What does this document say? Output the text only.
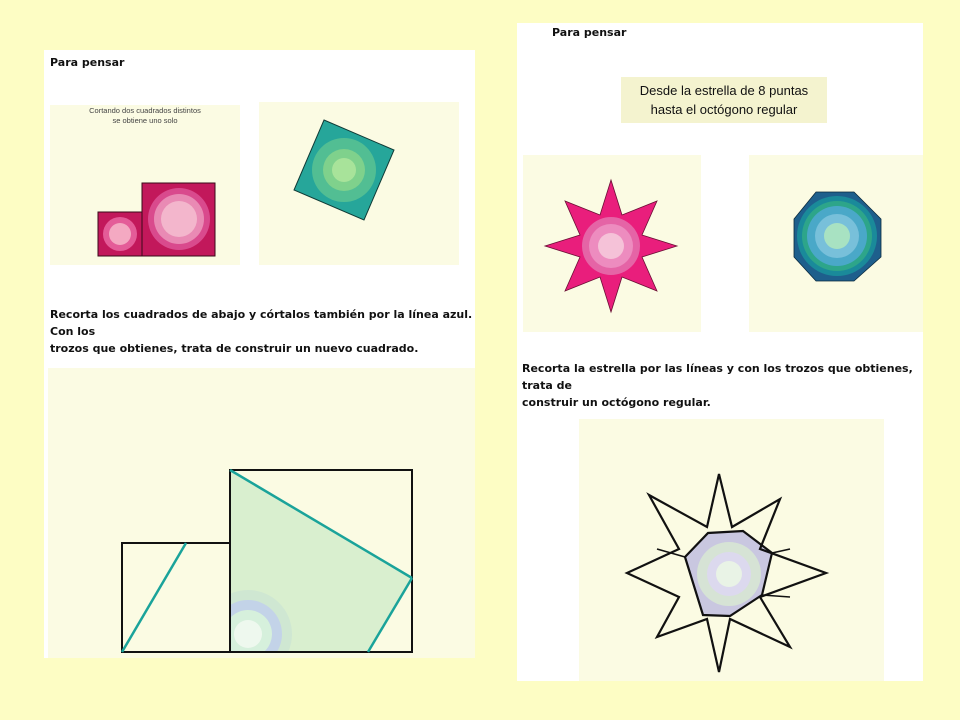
Para pensar
Cortando dos cuadrados distintos
se obtiene uno solo
Recorta los cuadrados de abajo y córtalos también por la línea azul. Con los
trozos que obtienes, trata de construir un nuevo cuadrado.
Para pensar
Desde la estrella de 8 puntas
hasta el octógono regular
Recorta la estrella por las líneas y con los trozos que obtienes, trata de
construir un octógono regular.
